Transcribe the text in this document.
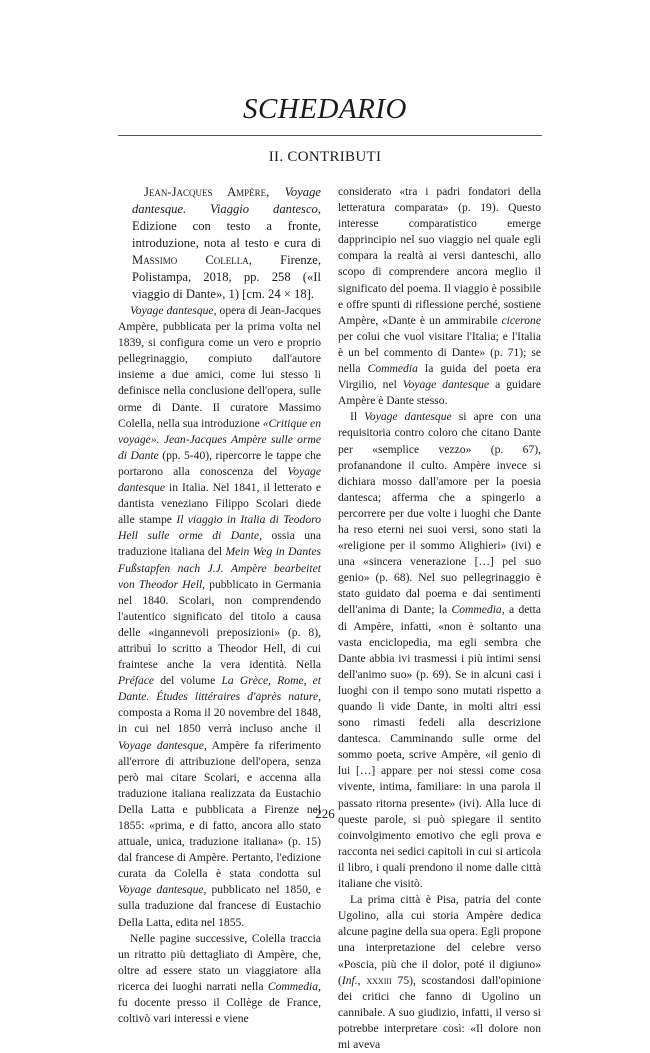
SCHEDARIO
II. CONTRIBUTI

Jean-Jacques Ampère, Voyage dantesque. Viaggio dantesco, Edizione con testo a fronte, introduzione, nota al testo e cura di Massimo Colella, Firenze, Polistampa, 2018, pp. 258 («Il viaggio di Dante», 1) [cm. 24 × 18].

Voyage dantesque, opera di Jean-Jacques Ampère, pubblicata per la prima volta nel 1839, si configura come un vero e proprio pellegrinaggio, compiuto dall'autore insieme a due amici, come lui stesso li definisce nella conclusione dell'opera, sulle orme di Dante. Il curatore Massimo Colella, nella sua introduzione «Critique en voyage». Jean-Jacques Ampère sulle orme di Dante (pp. 5-40), ripercorre le tappe che portarono alla conoscenza del Voyage dantesque in Italia. Nel 1841, il letterato e dantista veneziano Filippo Scolari diede alle stampe Il viaggio in Italia di Teodoro Hell sulle orme di Dante, ossia una traduzione italiana del Mein Weg in Dantes Fußstapfen nach J.J. Ampère bearbeitet von Theodor Hell, pubblicato in Germania nel 1840. Scolari, non comprendendo l'autentico significato del titolo a causa delle «ingannevoli preposizioni» (p. 8), attribuì lo scritto a Theodor Hell, di cui fraintese anche la vera identità. Nella Préface del volume La Grèce, Rome, et Dante. Études littéraires d'après nature, composta a Roma il 20 novembre del 1848, in cui nel 1850 verrà incluso anche il Voyage dantesque, Ampère fa riferimento all'errore di attribuzione dell'opera, senza però mai citare Scolari, e accenna alla traduzione italiana realizzata da Eustachio Della Latta e pubblicata a Firenze nel 1855: «prima, e di fatto, ancora allo stato attuale, unica, traduzione italiana» (p. 15) dal francese di Ampère. Pertanto, l'edizione curata da Colella è stata condotta sul Voyage dantesque, pubblicato nel 1850, e sulla traduzione dal francese di Eustachio Della Latta, edita nel 1855.

Nelle pagine successive, Colella traccia un ritratto più dettagliato di Ampère, che, oltre ad essere stato un viaggiatore alla ricerca dei luoghi narrati nella Commedia, fu docente presso il Collège de France, coltivò vari interessi e viene

considerato «tra i padri fondatori della letteratura comparata» (p. 19). Questo interesse comparatistico emerge dapprincipio nel suo viaggio nel quale egli compara la realtà ai versi danteschi, allo scopo di comprendere ancora meglio il significato del poema. Il viaggio è possibile e offre spunti di riflessione perché, sostiene Ampère, «Dante è un ammirabile cicerone per colui che vuol visitare l'Italia; e l'Italia è un bel commento di Dante» (p. 71); se nella Commedia la guida del poeta era Virgilio, nel Voyage dantesque a guidare Ampère è Dante stesso.

Il Voyage dantesque si apre con una requisitoria contro coloro che citano Dante per «semplice vezzo» (p. 67), profanandone il culto. Ampère invece si dichiara mosso dall'amore per la poesia dantesca; afferma che a spingerlo a percorrere per due volte i luoghi che Dante ha reso eterni nei suoi versi, sono stati la «religione per il sommo Alighieri» (ivi) e una «sincera venerazione […] pel suo genio» (p. 68). Nel suo pellegrinaggio è stato guidato dal poema e dai sentimenti dell'anima di Dante; la Commedia, a detta di Ampère, infatti, «non è soltanto una vasta enciclopedia, ma egli sembra che Dante abbia ivi trasmessi i più intimi sensi dell'animo suo» (p. 69). Se in alcuni casi i luoghi con il tempo sono mutati rispetto a quando li vide Dante, in molti altri essi sono rimasti fedeli alla descrizione dantesca. Camminando sulle orme del sommo poeta, scrive Ampère, «il genio di lui […] appare per noi stessi come cosa vivente, intima, familiare: in una parola il passato ritorna presente» (ivi). Alla luce di queste parole, si può spiegare il sentito coinvolgimento emotivo che egli prova e racconta nei sedici capitoli in cui si articola il libro, i quali prendono il nome dalle città italiane che visitò.

La prima città è Pisa, patria del conte Ugolino, alla cui storia Ampère dedica alcune pagine della sua opera. Egli propone una interpretazione del celebre verso «Poscia, più che il dolor, poté il digiuno» (Inf., xxxiii 75), scostandosi dall'opinione dei critici che fanno di Ugolino un cannibale. A suo giudizio, infatti, il verso si potrebbe interpretare così: «Il dolore non mi aveva

226
